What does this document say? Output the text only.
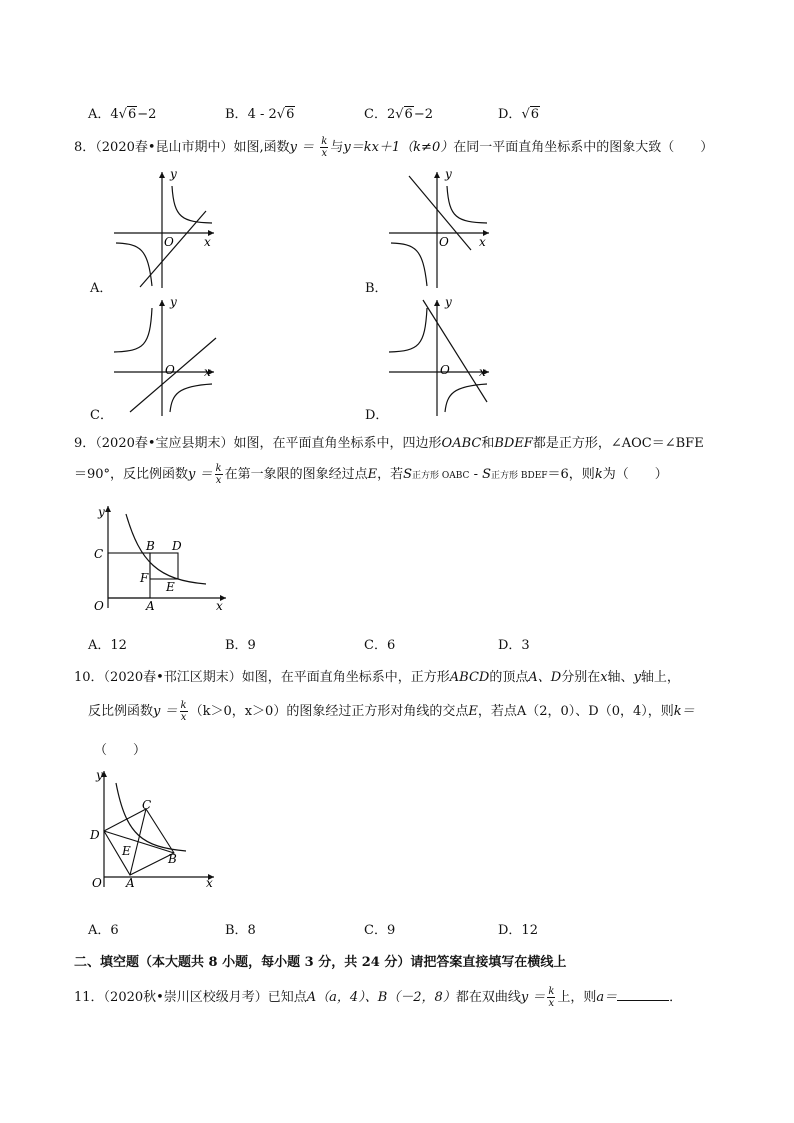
A．4√6−2	B．4 - 2√6	C．2√6−2	D．√6
8．（2020春•昆山市期中）如图,函数$y = \frac{k}{x}$ 与y＝kx＋1（k≠0）在同一平面直角坐标系中的图象大致（　　）
y
x
O
A．
y
x
O
B．
y
x
O
C．
y
x
O
D．
9．（2020春•宝应县期末）如图，在平面直角坐标系中，四边形OABC和BDEF都是正方形，∠AOC＝∠BFE
＝90°，反比例函数$y = \frac{k}{x}$ 在第一象限的图象经过点E，若S正方形 OABC - S正方形 BDEF＝6，则k为（　　）
y
x
O	A
B
C
D
E
F
A．12	B．9	C．6	D．3
10．（2020春•邗江区期末）如图，在平面直角坐标系中，正方形ABCD的顶点A、D分别在x轴、y轴上，
反比例函数$y = \frac{k}{x} (k>0$，x＞0）的图象经过正方形对角线的交点E，若点A（2，0）、D（0，4），则k＝
（　　）
y
x
O A
B
C
D
E
A．6	B．8	C．9	D．12
二、填空题（本大题共 8 小题，每小题 3 分，共 24 分）请把答案直接填写在横线上
11．（2020秋•崇川区校级月考）已知点A（a，4）、B（－2，8）都在双曲线$y = \frac{k}{x}$ 上，则a＝	．
